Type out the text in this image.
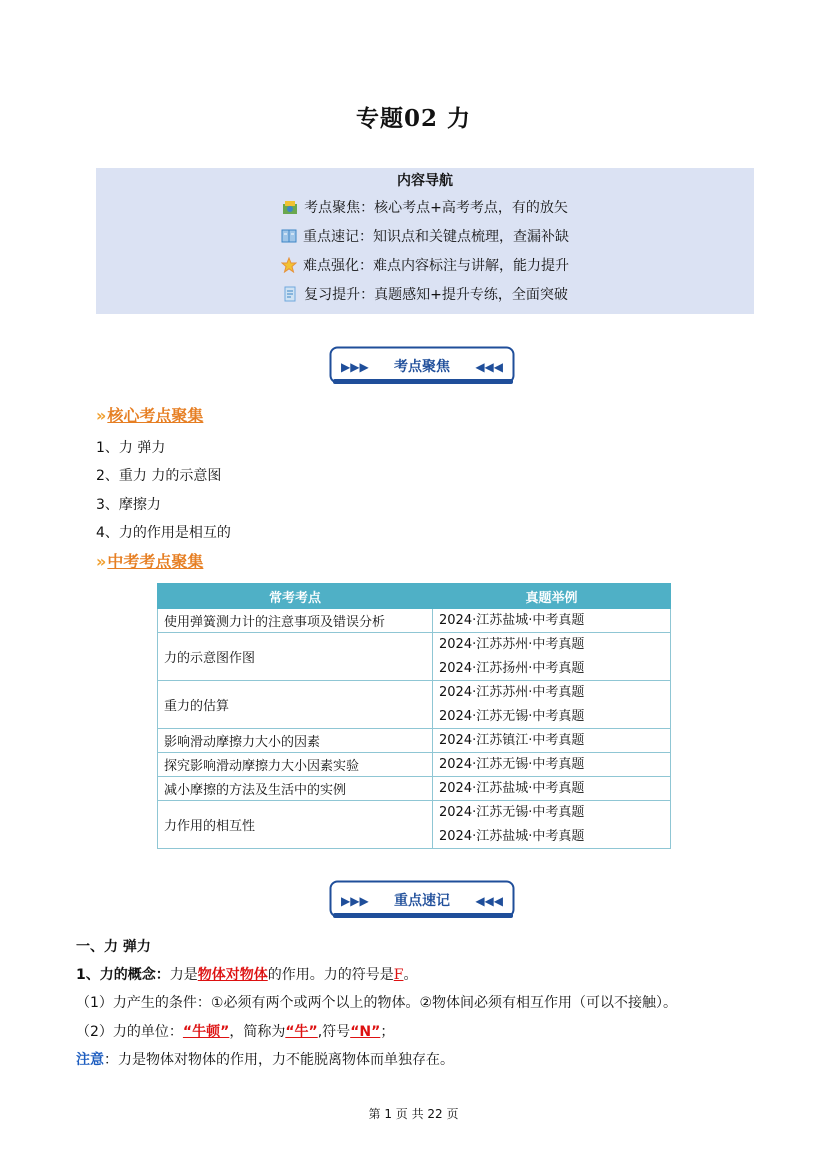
专题02 力
内容导航
考点聚焦：核心考点+高考考点，有的放矢
重点速记：知识点和关键点梳理，查漏补缺
难点强化：难点内容标注与讲解，能力提升
复习提升：真题感知+提升专练，全面突破
▶▶▶ 考点聚焦 ◀◀◀
»核心考点聚集
1、力 弹力
2、重力 力的示意图
3、摩擦力
4、力的作用是相互的
»中考考点聚集
常考考点	真题举例
使用弹簧测力计的注意事项及错误分析	2024·江苏盐城·中考真题

力的示意图作图	2024·江苏苏州·中考真题
2024·江苏扬州·中考真题

重力的估算	2024·江苏苏州·中考真题
2024·江苏无锡·中考真题

影响滑动摩擦力大小的因素	2024·江苏镇江·中考真题

探究影响滑动摩擦力大小因素实验	2024·江苏无锡·中考真题

减小摩擦的方法及生活中的实例	2024·江苏盐城·中考真题

力作用的相互性	2024·江苏无锡·中考真题
2024·江苏盐城·中考真题
▶▶▶ 重点速记 ◀◀◀
一、力 弹力
1、力的概念：力是物体对物体的作用。力的符号是F。
（1）力产生的条件：①必须有两个或两个以上的物体。②物体间必须有相互作用（可以不接触）。
（2）力的单位：“牛顿”，简称为“牛”,符号“N”；
注意：力是物体对物体的作用，力不能脱离物体而单独存在。
第 1 页 共 22 页
